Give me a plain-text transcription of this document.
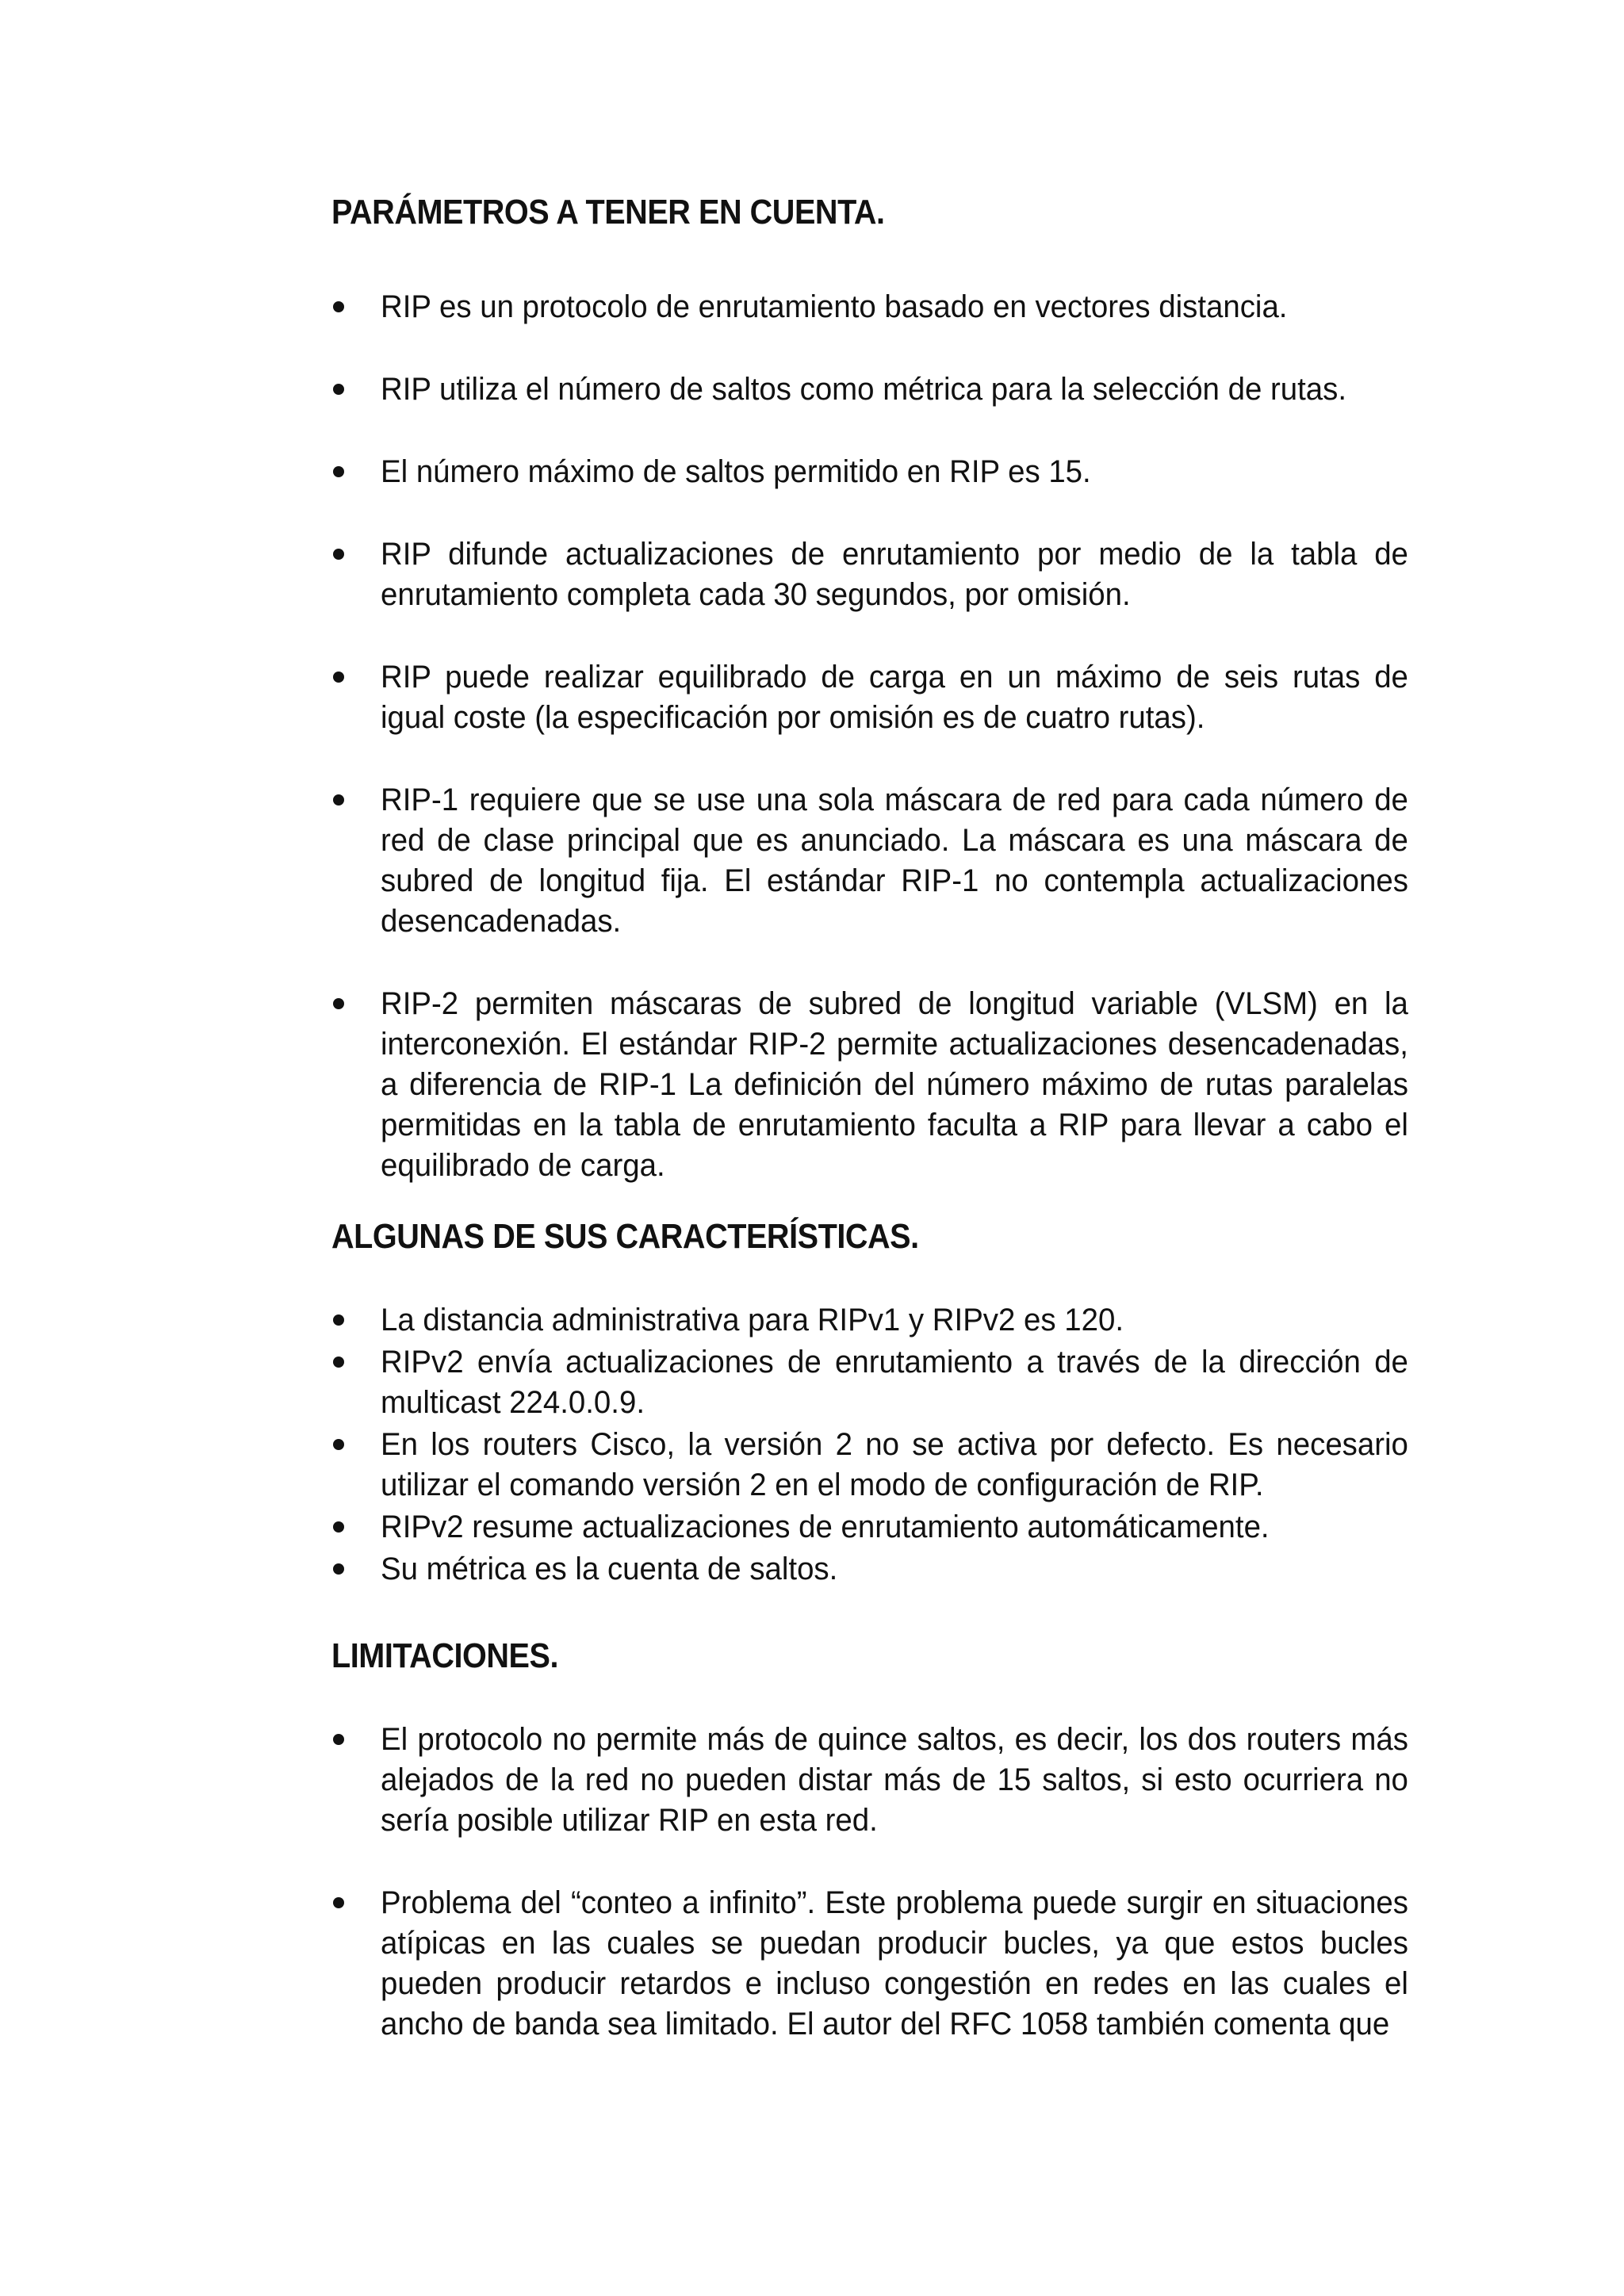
PARÁMETROS A TENER EN CUENTA.
RIP es un protocolo de enrutamiento basado en vectores distancia.
RIP utiliza el número de saltos como métrica para la selección de rutas.
El número máximo de saltos permitido en RIP es 15.
RIP difunde actualizaciones de enrutamiento por medio de la tabla de enrutamiento completa cada 30 segundos, por omisión.
RIP puede realizar equilibrado de carga en un máximo de seis rutas de igual coste (la especificación por omisión es de cuatro rutas).
RIP-1 requiere que se use una sola máscara de red para cada número de red de clase principal que es anunciado. La máscara es una máscara de subred de longitud fija. El estándar RIP-1 no contempla actualizaciones desencadenadas.
RIP-2 permiten máscaras de subred de longitud variable (VLSM) en la interconexión. El estándar RIP-2 permite actualizaciones desencadenadas, a diferencia de RIP-1 La definición del número máximo de rutas paralelas permitidas en la tabla de enrutamiento faculta a RIP para llevar a cabo el equilibrado de carga.
ALGUNAS DE SUS CARACTERÍSTICAS.
La distancia administrativa para RIPv1 y RIPv2 es 120.
RIPv2 envía actualizaciones de enrutamiento a través de la dirección de multicast 224.0.0.9.
En los routers Cisco, la versión 2 no se activa por defecto. Es necesario utilizar el comando versión 2 en el modo de configuración de RIP.
RIPv2 resume actualizaciones de enrutamiento automáticamente.
Su métrica es la cuenta de saltos.
LIMITACIONES.
El protocolo no permite más de quince saltos, es decir, los dos routers más alejados de la red no pueden distar más de 15 saltos, si esto ocurriera no sería posible utilizar RIP en esta red.
Problema del “conteo a infinito”. Este problema puede surgir en situaciones atípicas en las cuales se puedan producir bucles, ya que estos bucles pueden producir retardos e incluso congestión en redes en las cuales el ancho de banda sea limitado. El autor del RFC 1058 también comenta que
